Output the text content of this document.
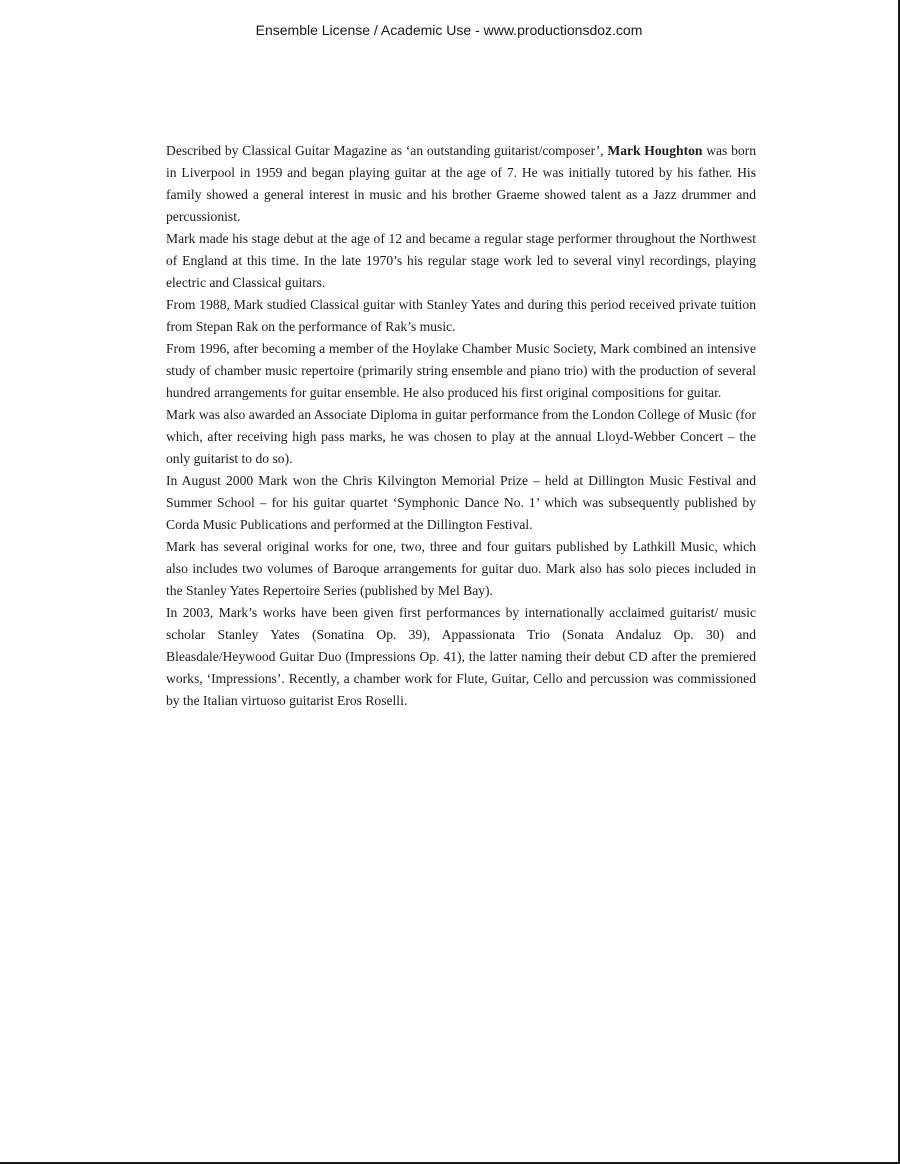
Ensemble License / Academic Use - www.productionsdoz.com

Described by Classical Guitar Magazine as ‘an outstanding guitarist/composer’, Mark Houghton was born in Liverpool in 1959 and began playing guitar at the age of 7. He was initially tutored by his father. His family showed a general interest in music and his brother Graeme showed talent as a Jazz drummer and percussionist.

Mark made his stage debut at the age of 12 and became a regular stage performer throughout the Northwest of England at this time. In the late 1970’s his regular stage work led to several vinyl recordings, playing electric and Classical guitars.

From 1988, Mark studied Classical guitar with Stanley Yates and during this period received private tuition from Stepan Rak on the performance of Rak’s music.

From 1996, after becoming a member of the Hoylake Chamber Music Society, Mark combined an intensive study of chamber music repertoire (primarily string ensemble and piano trio) with the production of several hundred arrangements for guitar ensemble. He also produced his first original compositions for guitar.

Mark was also awarded an Associate Diploma in guitar performance from the London College of Music (for which, after receiving high pass marks, he was chosen to play at the annual Lloyd-Webber Concert – the only guitarist to do so).

In August 2000 Mark won the Chris Kilvington Memorial Prize – held at Dillington Music Festival and Summer School – for his guitar quartet ‘Symphonic Dance No. 1’ which was subsequently published by Corda Music Publications and performed at the Dillington Festival.

Mark has several original works for one, two, three and four guitars published by Lathkill Music, which also includes two volumes of Baroque arrangements for guitar duo. Mark also has solo pieces included in the Stanley Yates Repertoire Series (published by Mel Bay).

In 2003, Mark’s works have been given first performances by internationally acclaimed guitarist/ music scholar Stanley Yates (Sonatina Op. 39), Appassionata Trio (Sonata Andaluz Op. 30) and Bleasdale/Heywood Guitar Duo (Impressions Op. 41), the latter naming their debut CD after the premiered works, ‘Impressions’. Recently, a chamber work for Flute, Guitar, Cello and percussion was commissioned by the Italian virtuoso guitarist Eros Roselli.
